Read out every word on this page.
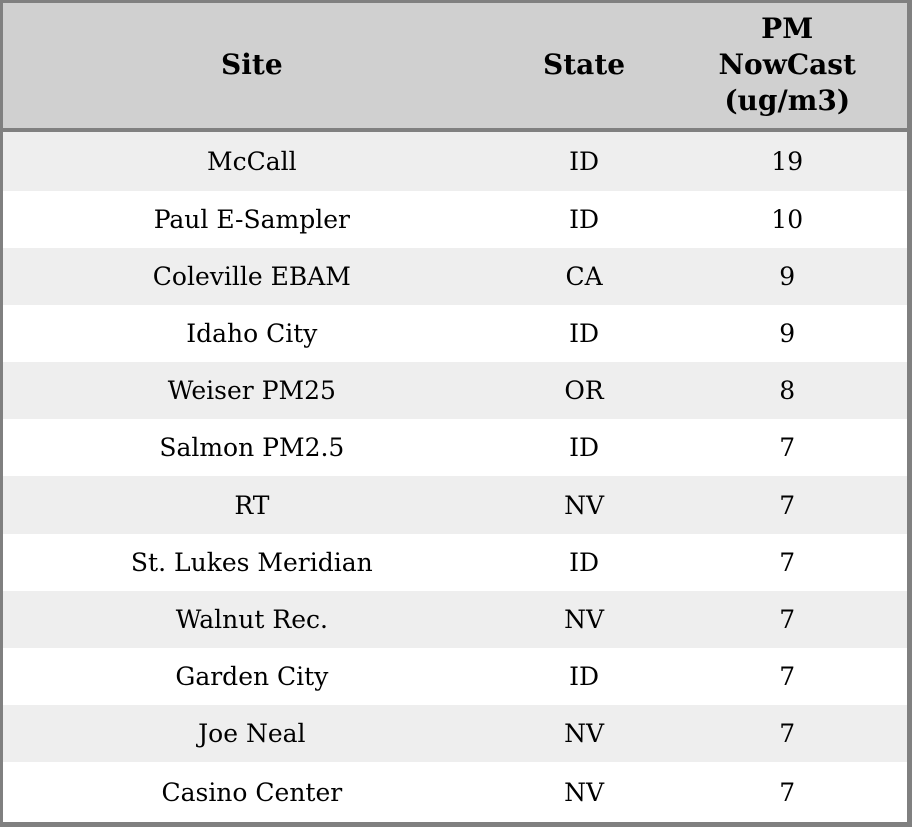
Site	State	PM
NowCast
(ug/m3)

McCall	ID	19
Paul E-Sampler	ID	10
Coleville EBAM	CA	9
Idaho City	ID	9
Weiser PM25	OR	8
Salmon PM2.5	ID	7
RT	NV	7
St. Lukes Meridian	ID	7
Walnut Rec.	NV	7
Garden City	ID	7
Joe Neal	NV	7
Casino Center	NV	7
